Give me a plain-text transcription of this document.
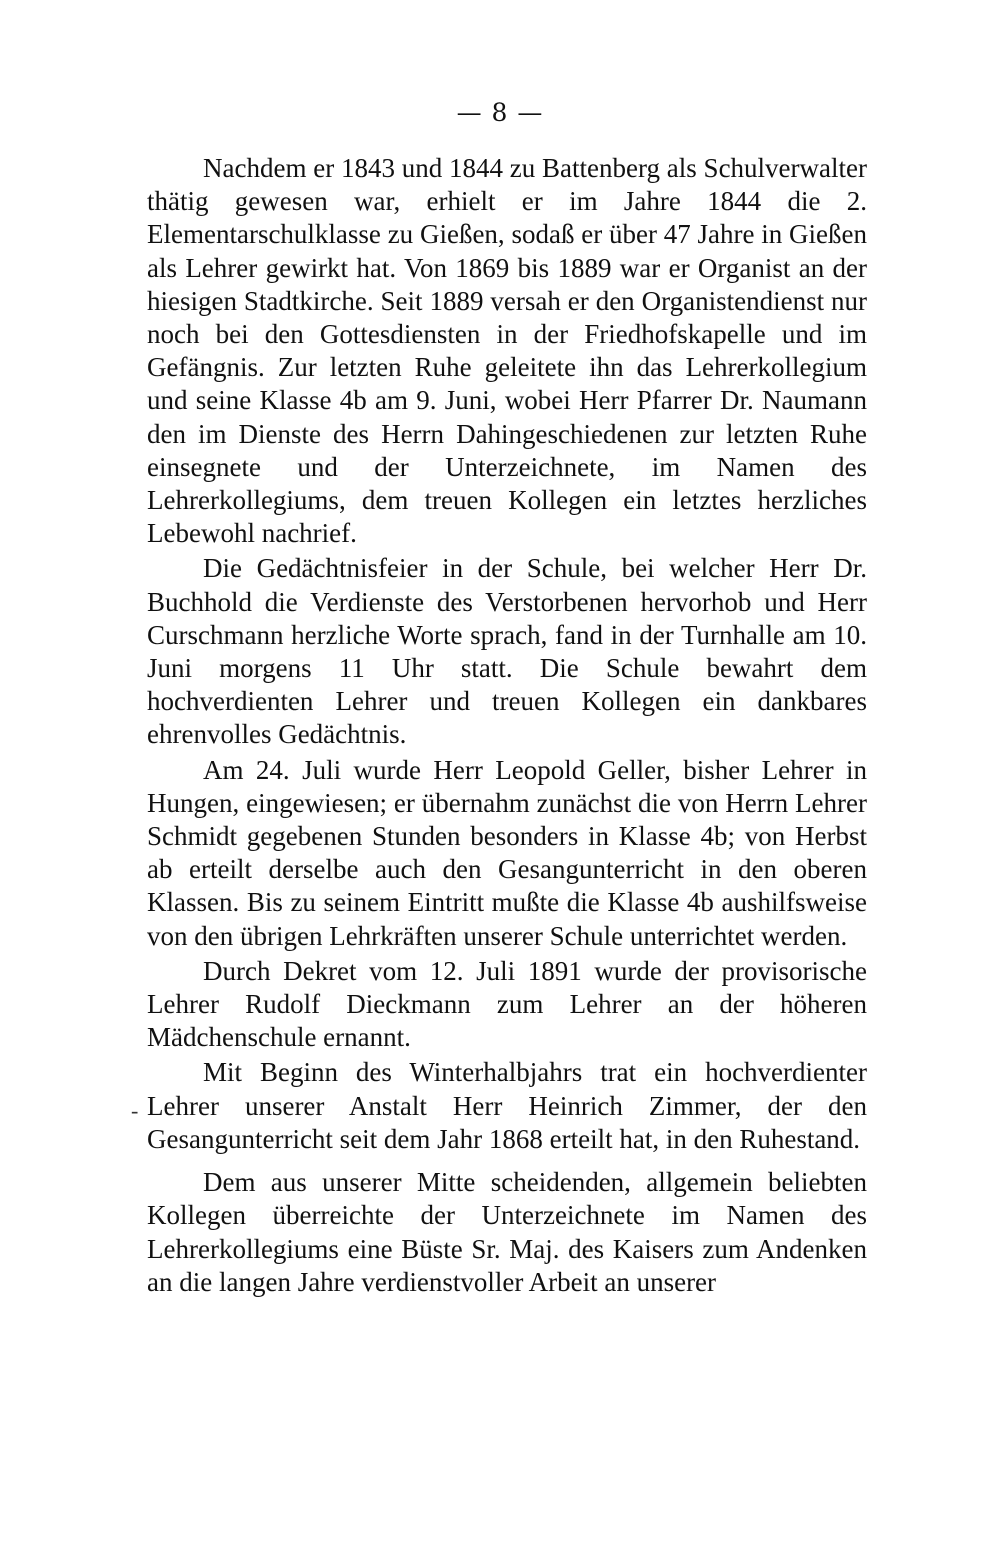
— 8 —

Nachdem er 1843 und 1844 zu Battenberg als Schulverwalter thätig gewesen war, erhielt er im Jahre 1844 die 2. Elementarschulklasse zu Gießen, sodaß er über 47 Jahre in Gießen als Lehrer gewirkt hat. Von 1869 bis 1889 war er Organist an der hiesigen Stadtkirche. Seit 1889 versah er den Organistendienst nur noch bei den Gottesdiensten in der Friedhofskapelle und im Gefängnis. Zur letzten Ruhe geleitete ihn das Lehrerkollegium und seine Klasse 4b am 9. Juni, wobei Herr Pfarrer Dr. Naumann den im Dienste des Herrn Dahingeschiedenen zur letzten Ruhe einsegnete und der Unterzeichnete, im Namen des Lehrerkollegiums, dem treuen Kollegen ein letztes herzliches Lebewohl nachrief.

Die Gedächtnisfeier in der Schule, bei welcher Herr Dr. Buchhold die Verdienste des Verstorbenen hervorhob und Herr Curschmann herzliche Worte sprach, fand in der Turnhalle am 10. Juni morgens 11 Uhr statt. Die Schule bewahrt dem hochverdienten Lehrer und treuen Kollegen ein dankbares ehrenvolles Gedächtnis.

Am 24. Juli wurde Herr Leopold Geller, bisher Lehrer in Hungen, eingewiesen; er übernahm zunächst die von Herrn Lehrer Schmidt gegebenen Stunden besonders in Klasse 4b; von Herbst ab erteilt derselbe auch den Gesangunterricht in den oberen Klassen. Bis zu seinem Eintritt mußte die Klasse 4b aushilfsweise von den übrigen Lehrkräften unserer Schule unterrichtet werden.

Durch Dekret vom 12. Juli 1891 wurde der provisorische Lehrer Rudolf Dieckmann zum Lehrer an der höheren Mädchenschule ernannt.

Mit Beginn des Winterhalbjahrs trat ein hochverdienter Lehrer unserer Anstalt Herr Heinrich Zimmer, der den Gesangunterricht seit dem Jahr 1868 erteilt hat, in den Ruhestand.

Dem aus unserer Mitte scheidenden, allgemein beliebten Kollegen überreichte der Unterzeichnete im Namen des Lehrerkollegiums eine Büste Sr. Maj. des Kaisers zum Andenken an die langen Jahre verdienstvoller Arbeit an unserer

-
